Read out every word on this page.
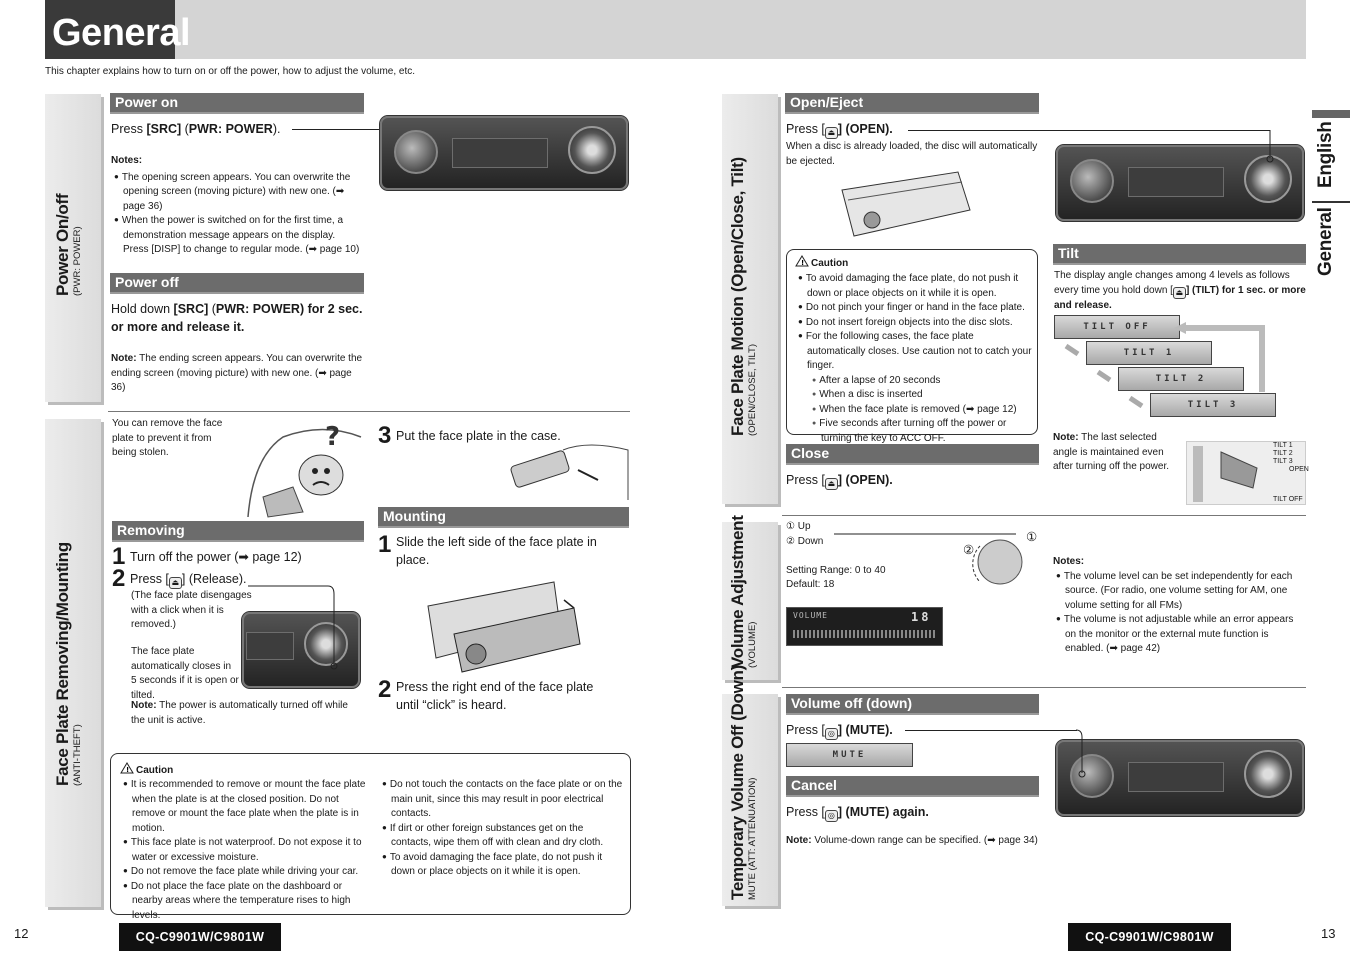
General
This chapter explains how to turn on or off the power, how to adjust the volume, etc.
English
General
Power On/off (PWR: POWER)
Power on
Press [SRC] (PWR: POWER).
Notes:
● The opening screen appears. You can overwrite the opening screen (moving picture) with new one. (➡ page 36)
● When the power is switched on for the first time, a demonstration message appears on the display. Press [DISP] to change to regular mode. (➡ page 10)
Power off
Hold down [SRC] (PWR: POWER) for 2 sec. or more and release it.
Note: The ending screen appears. You can overwrite the ending screen (moving picture) with new one. (➡ page 36)
Face Plate Removing/Mounting (ANTI-THEFT)
You can remove the face plate to prevent it from being stolen.
?
Removing
1 Turn off the power (➡ page 12)
2 Press [ ⏏ ] (Release).
(The face plate disengages with a click when it is removed.)
The face plate automatically closes in 5 seconds if it is open or tilted.
Note: The power is automatically turned off while the unit is active.
3 Put the face plate in the case.
Mounting
1 Slide the left side of the face plate in place.
2 Press the right end of the face plate until “click” is heard.
! Caution
● It is recommended to remove or mount the face plate when the plate is at the closed position. Do not remove or mount the face plate when the plate is in motion.
● This face plate is not waterproof. Do not expose it to water or excessive moisture.
● Do not remove the face plate while driving your car.
● Do not place the face plate on the dashboard or nearby areas where the temperature rises to high levels.
● Do not touch the contacts on the face plate or on the main unit, since this may result in poor electrical contacts.
● If dirt or other foreign substances get on the contacts, wipe them off with clean and dry cloth.
● To avoid damaging the face plate, do not push it down or place objects on it while it is open.
12	CQ-C9901W/C9801W
Face Plate Motion (Open/Close, Tilt) (OPEN/CLOSE, TILT)
Open/Eject
Press [ ⏏ ] (OPEN).
When a disc is already loaded, the disc will automatically be ejected.
! Caution
● To avoid damaging the face plate, do not push it down or place objects on it while it is open.
● Do not pinch your finger or hand in the face plate.
● Do not insert foreign objects into the disc slots.
● For the following cases, the face plate automatically closes. Use caution not to catch your finger.
● After a lapse of 20 seconds
● When a disc is inserted
● When the face plate is removed (➡ page 12)
● Five seconds after turning off the power or turning the key to ACC OFF.
Close
Press [ ⏏ ] (OPEN).
Tilt
The display angle changes among 4 levels as follows every time you hold down [ ⏏ ] (TILT) for 1 sec. or more and release.
TILT OFF
TILT 1
TILT 2
TILT 3
Note: The last selected angle is maintained even after turning off the power.
TILT 1
TILT 2
TILT 3
OPEN
TILT OFF
Volume Adjustment (VOLUME)
① Up
② Down	①
②
Setting Range: 0 to 40
Default: 18
VOLUME	18
Notes:
● The volume level can be set independently for each source. (For radio, one volume setting for AM, one volume setting for all FMs)
● The volume is not adjustable while an error appears on the monitor or the external mute function is enabled. (➡ page 42)
Temporary Volume Off (Down) MUTE (ATT: ATTENUATION)
Volume off (down)
Press [ ◎ ] (MUTE).
MUTE
Cancel
Press [ ◎ ] (MUTE) again.
Note: Volume-down range can be specified. (➡ page 34)
CQ-C9901W/C9801W	13
